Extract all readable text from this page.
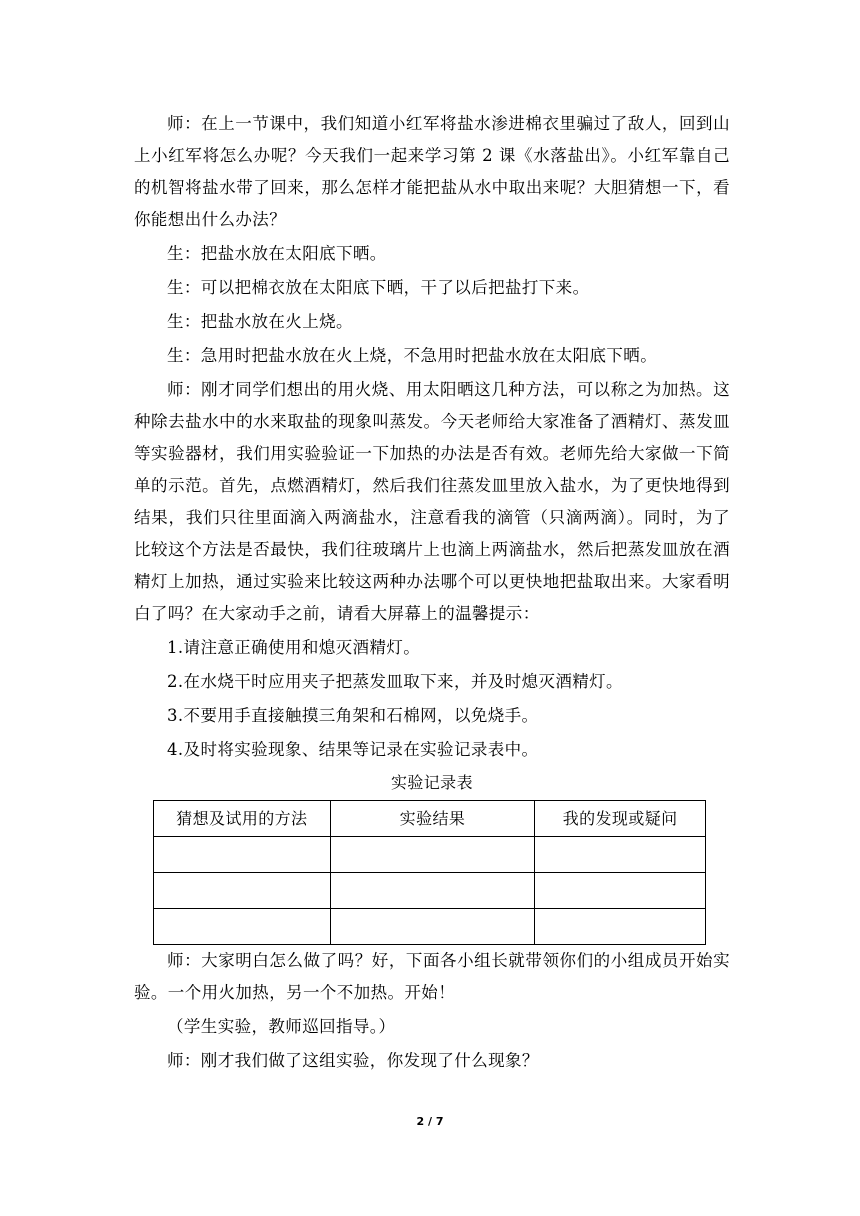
师：在上一节课中，我们知道小红军将盐水渗进棉衣里骗过了敌人，回到山上小红军将怎么办呢？今天我们一起来学习第 2 课《水落盐出》。小红军靠自己的机智将盐水带了回来，那么怎样才能把盐从水中取出来呢？大胆猜想一下，看你能想出什么办法？

生：把盐水放在太阳底下晒。

生：可以把棉衣放在太阳底下晒，干了以后把盐打下来。

生：把盐水放在火上烧。

生：急用时把盐水放在火上烧，不急用时把盐水放在太阳底下晒。

师：刚才同学们想出的用火烧、用太阳晒这几种方法，可以称之为加热。这种除去盐水中的水来取盐的现象叫蒸发。今天老师给大家准备了酒精灯、蒸发皿等实验器材，我们用实验验证一下加热的办法是否有效。老师先给大家做一下简单的示范。首先，点燃酒精灯，然后我们往蒸发皿里放入盐水，为了更快地得到结果，我们只往里面滴入两滴盐水，注意看我的滴管（只滴两滴）。同时，为了比较这个方法是否最快，我们往玻璃片上也滴上两滴盐水，然后把蒸发皿放在酒精灯上加热，通过实验来比较这两种办法哪个可以更快地把盐取出来。大家看明白了吗？在大家动手之前，请看大屏幕上的温馨提示：

1.请注意正确使用和熄灭酒精灯。

2.在水烧干时应用夹子把蒸发皿取下来，并及时熄灭酒精灯。

3.不要用手直接触摸三角架和石棉网，以免烧手。

4.及时将实验现象、结果等记录在实验记录表中。

实验记录表
猜想及试用的方法	实验结果	我的发现或疑问

师：大家明白怎么做了吗？好，下面各小组长就带领你们的小组成员开始实验。一个用火加热，另一个不加热。开始！

（学生实验，教师巡回指导。）

师：刚才我们做了这组实验，你发现了什么现象？

2 / 7
